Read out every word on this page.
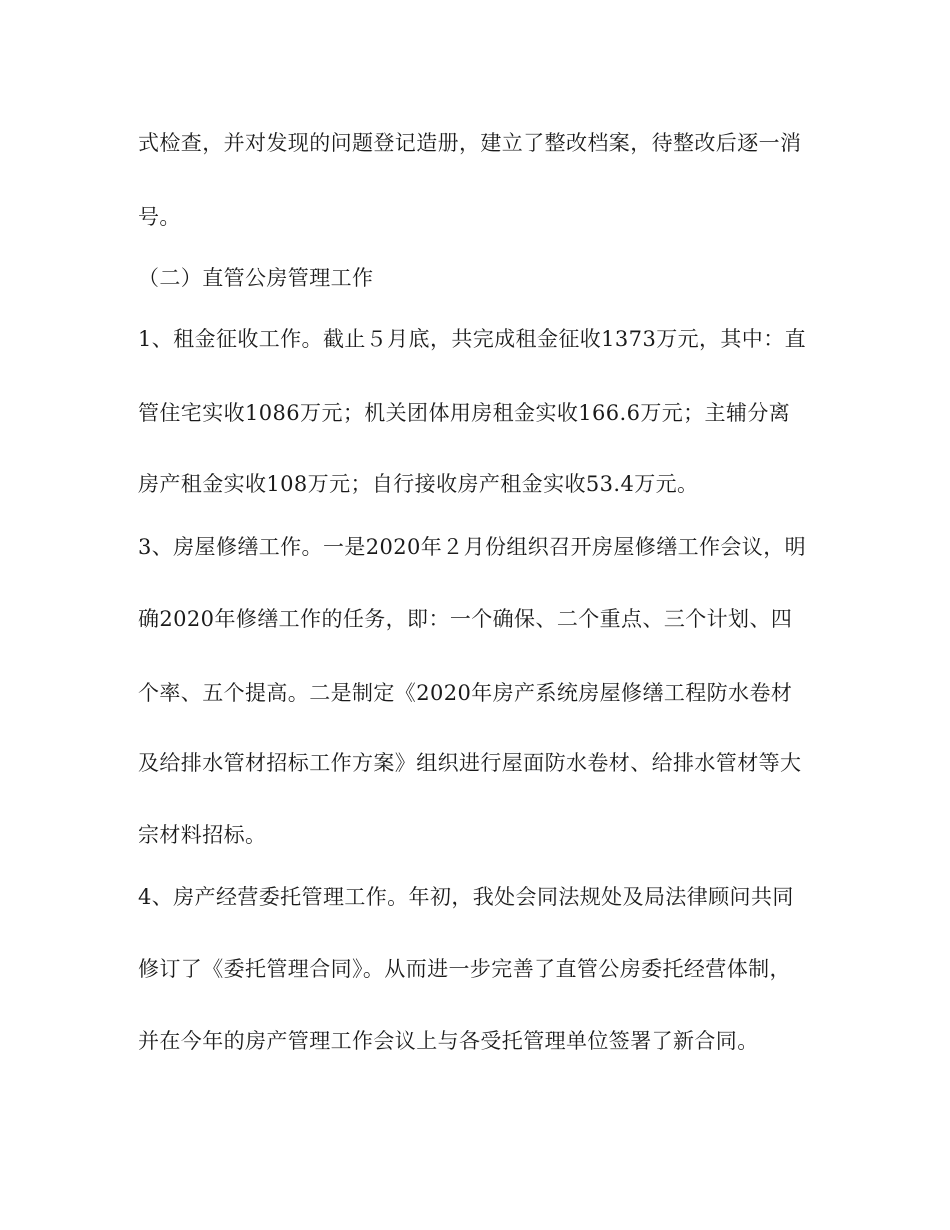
式检查，并对发现的问题登记造册，建立了整改档案，待整改后逐一消
号。
（二）直管公房管理工作
1、租金征收工作。截止５月底，共完成租金征收1373万元，其中：直
管住宅实收1086万元；机关团体用房租金实收166.6万元；主辅分离
房产租金实收108万元；自行接收房产租金实收53.4万元。
3、房屋修缮工作。一是2020年２月份组织召开房屋修缮工作会议，明
确2020年修缮工作的任务，即：一个确保、二个重点、三个计划、四
个率、五个提高。二是制定《2020年房产系统房屋修缮工程防水卷材
及给排水管材招标工作方案》组织进行屋面防水卷材、给排水管材等大
宗材料招标。
4、房产经营委托管理工作。年初，我处会同法规处及局法律顾问共同
修订了《委托管理合同》。从而进一步完善了直管公房委托经营体制，
并在今年的房产管理工作会议上与各受托管理单位签署了新合同。
